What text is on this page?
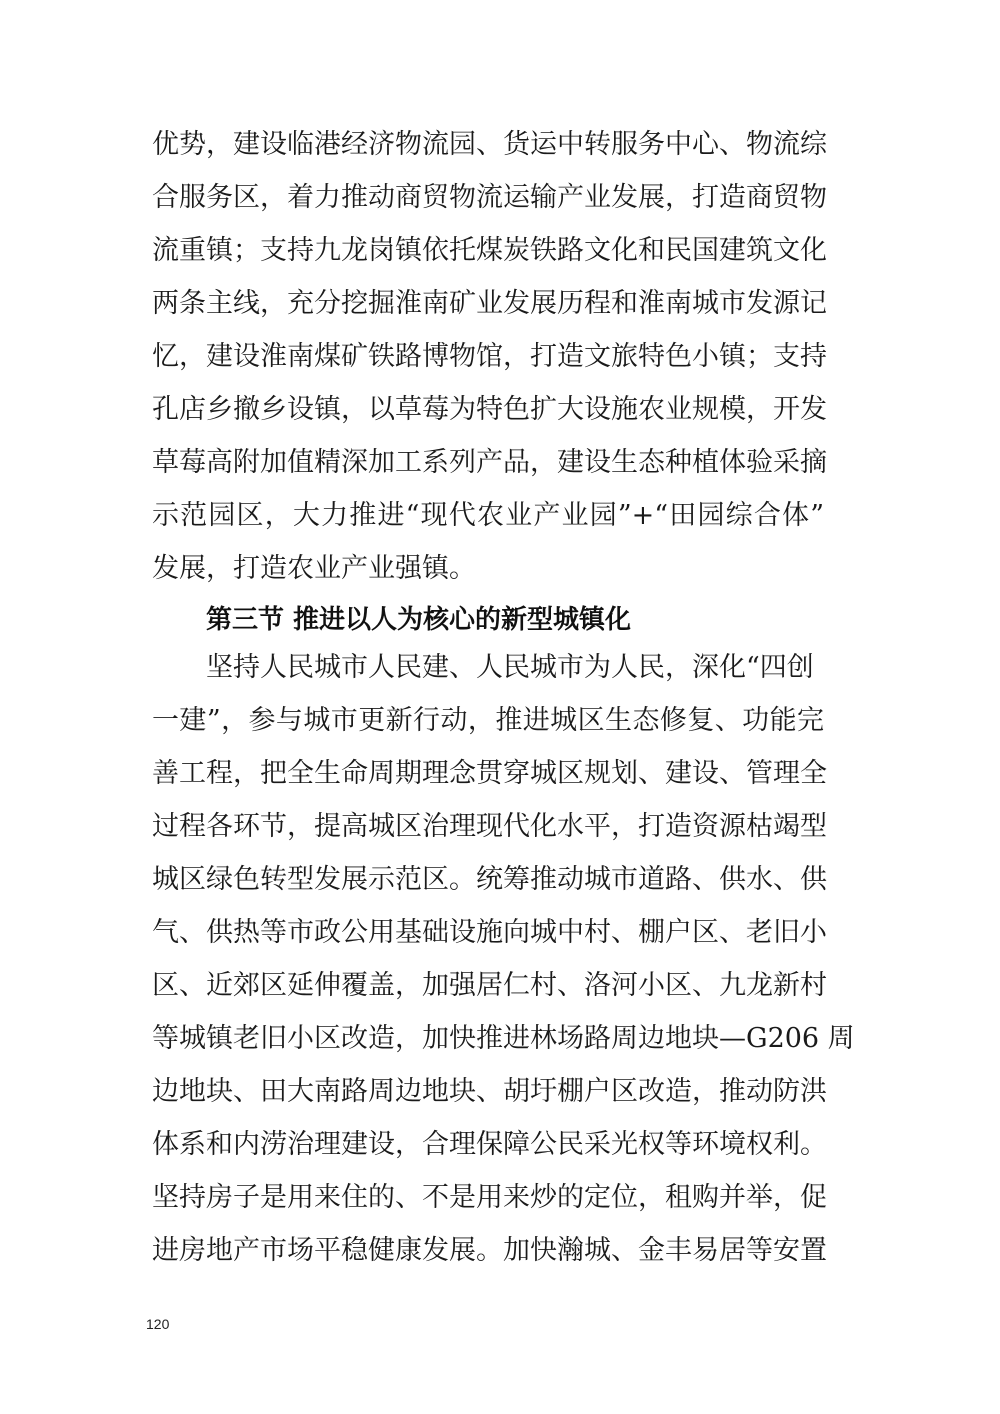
优势，建设临港经济物流园、货运中转服务中心、物流综
合服务区，着力推动商贸物流运输产业发展，打造商贸物
流重镇；支持九龙岗镇依托煤炭铁路文化和民国建筑文化
两条主线，充分挖掘淮南矿业发展历程和淮南城市发源记
忆，建设淮南煤矿铁路博物馆，打造文旅特色小镇；支持
孔店乡撤乡设镇，以草莓为特色扩大设施农业规模，开发
草莓高附加值精深加工系列产品，建设生态种植体验采摘
示范园区，大力推进“现代农业产业园”+“田园综合体”
发展，打造农业产业强镇。
第三节 推进以人为核心的新型城镇化
坚持人民城市人民建、人民城市为人民，深化“四创
一建”，参与城市更新行动，推进城区生态修复、功能完
善工程，把全生命周期理念贯穿城区规划、建设、管理全
过程各环节，提高城区治理现代化水平，打造资源枯竭型
城区绿色转型发展示范区。统筹推动城市道路、供水、供
气、供热等市政公用基础设施向城中村、棚户区、老旧小
区、近郊区延伸覆盖，加强居仁村、洛河小区、九龙新村
等城镇老旧小区改造，加快推进林场路周边地块—G206 周
边地块、田大南路周边地块、胡圩棚户区改造，推动防洪
体系和内涝治理建设，合理保障公民采光权等环境权利。
坚持房子是用来住的、不是用来炒的定位，租购并举，促
进房地产市场平稳健康发展。加快瀚城、金丰易居等安置
120
